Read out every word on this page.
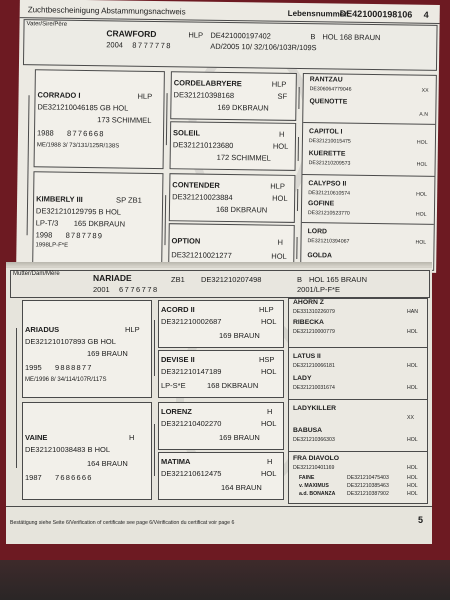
Zuchtbescheinigung Abstammungsnachweis	Lebensnummer:
DE421000198106 4
Vater/Sire/Père
CRAWFORD	HLP DE421000197402	B HOL 168 BRAUN
2004 8777778	AD/2005 10/ 32/106/103R/109S
CORRADO I	HLP
DE321210046185 GB HOL
173 SCHIMMEL
1988 8776668
ME/1988 3/ 73/131/125R/138S
KIMBERLY III	SP ZB1
DE321210129795 B HOL
LP-T/3 165 DKBRAUN
1998 8787789
1998LP-F*E
CORDELABRYERE	HLP
DE321210398168	SF
169 DKBRAUN
SOLEIL	H
DE321210123680	HOL
172 SCHIMMEL
CONTENDER	HLP
DE321210023884	HOL
168 DKBRAUN
OPTION	H
DE321210021277	HOL
RANTZAU
DE306064779046	XX
QUENOTTE
A.N
CAPITOL I
DE321210015475	HOL
KUERETTE
DE321210209573	HOL
CALYPSO II
DE321210610574	HOL
GOFINE
DE321210523770	HOL
LORD
DE321210394067	HOL
GOLDA
Mutter/Dam/Mère	NARIADE	ZB1 DE321210207498	B HOL 165 BRAUN
2001 6776778	2001/LP-F*E
ARIADUS	HLP
DE321210107893 GB HOL
169 BRAUN
1995 9888877
ME/1996 8/ 34/114/107R/117S
VAINE	H
DE321210038483 B HOL
164 BRAUN
1987 7686666
ACORD II	HLP
DE321210002687	HOL
169 BRAUN
DEVISE II	HSP
DE321210147189	HOL
LP-S*E	168 DKBRAUN
LORENZ	H
DE321210402270	HOL
169 BRAUN
MATIMA	H
DE321210612475	HOL
164 BRAUN
AHORN Z
DE331310226079	HAN
RIBECKA
DE321210000779	HOL
LATUS II
DE321210066181	HOL
LADY
DE321210031674	HOL
LADYKILLER
XX
BABUSA
DE321210366303	HOL
FRA DIAVOLO
DE321210401169	HOL
FAINE	DE321210475403	HOL
v. MAXIMUS	DE321210385463	HOL
a.d. BONANZA DE321210387902	HOL
Bestätigung siehe Seite 6/Verification of certificate see page 6/Vérification du certificat voir page 6	5
